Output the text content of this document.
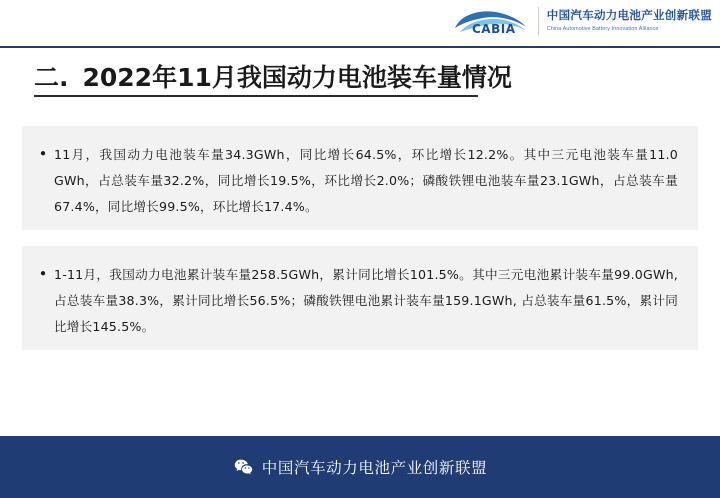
CABIA
中国汽车动力电池产业创新联盟
China Automotive Battery Innovation Alliance
二. 2022年11月我国动力电池装车量情况
● 11月，我国动力电池装车量34.3GWh，同比增长64.5%，环比增长12.2%。其中三元电池装车量11.0 GWh，占总装车量32.2%，同比增长19.5%，环比增长2.0%；磷酸铁锂电池装车量23.1GWh，占总装车量67.4%，同比增长99.5%，环比增长17.4%。
● 1-11月，我国动力电池累计装车量258.5GWh，累计同比增长101.5%。其中三元电池累计装车量99.0GWh, 占总装车量38.3%，累计同比增长56.5%；磷酸铁锂电池累计装车量159.1GWh, 占总装车量61.5%，累计同比增长145.5%。
中国汽车动力电池产业创新联盟
